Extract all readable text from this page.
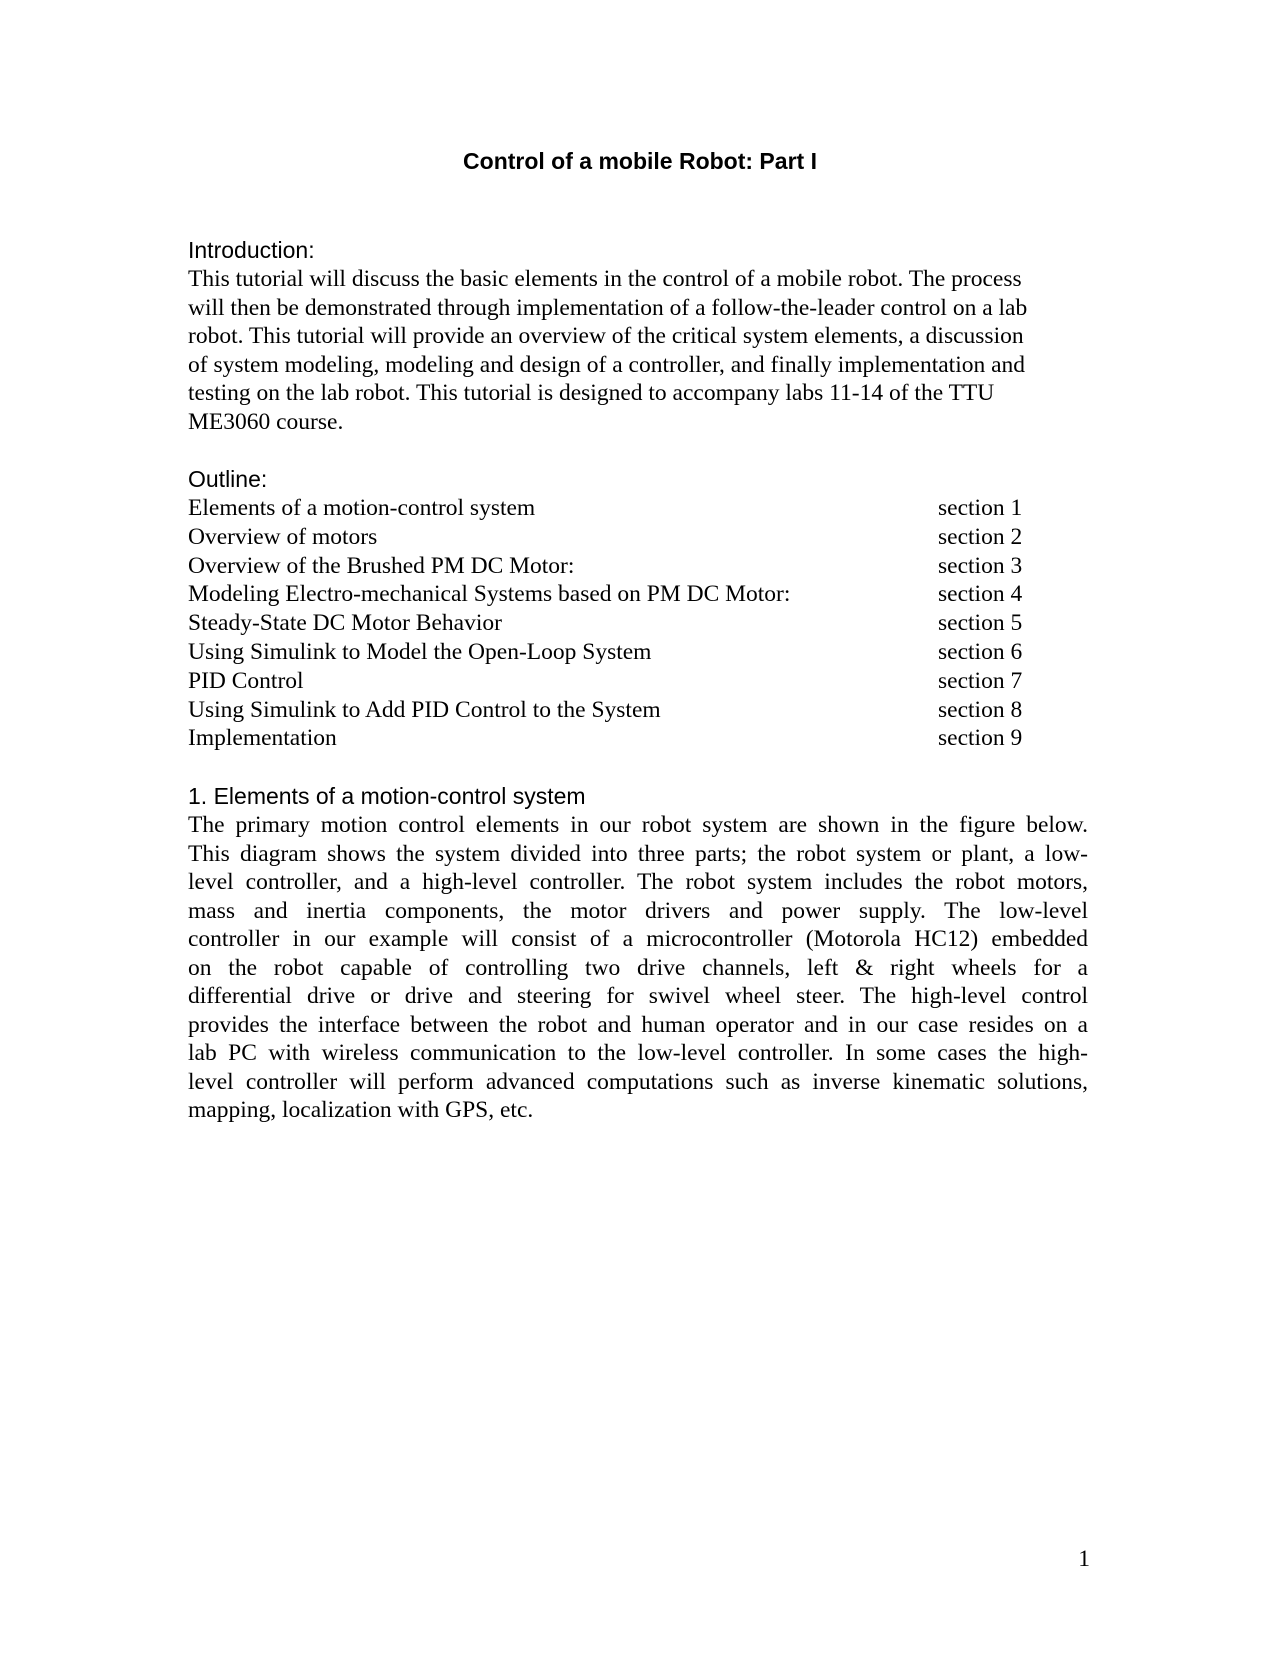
Control of a mobile Robot: Part I
Introduction:
This tutorial will discuss the basic elements in the control of a mobile robot. The process
will then be demonstrated through implementation of a follow-the-leader control on a lab
robot. This tutorial will provide an overview of the critical system elements, a discussion
of system modeling, modeling and design of a controller, and finally implementation and
testing on the lab robot. This tutorial is designed to accompany labs 11-14 of the TTU
ME3060 course.
Outline:
Elements of a motion-control system	section 1
Overview of motors	section 2
Overview of the Brushed PM DC Motor:	section 3
Modeling Electro-mechanical Systems based on PM DC Motor:	section 4
Steady-State DC Motor Behavior	section 5
Using Simulink to Model the Open-Loop System	section 6
PID Control	section 7
Using Simulink to Add PID Control to the System	section 8
Implementation	section 9
1. Elements of a motion-control system
The primary motion control elements in our robot system are shown in the figure below.
This diagram shows the system divided into three parts; the robot system or plant, a low-
level controller, and a high-level controller. The robot system includes the robot motors,
mass and inertia components, the motor drivers and power supply. The low-level
controller in our example will consist of a microcontroller (Motorola HC12) embedded
on the robot capable of controlling two drive channels, left & right wheels for a
differential drive or drive and steering for swivel wheel steer. The high-level control
provides the interface between the robot and human operator and in our case resides on a
lab PC with wireless communication to the low-level controller. In some cases the high-
level controller will perform advanced computations such as inverse kinematic solutions,
mapping, localization with GPS, etc.
1
